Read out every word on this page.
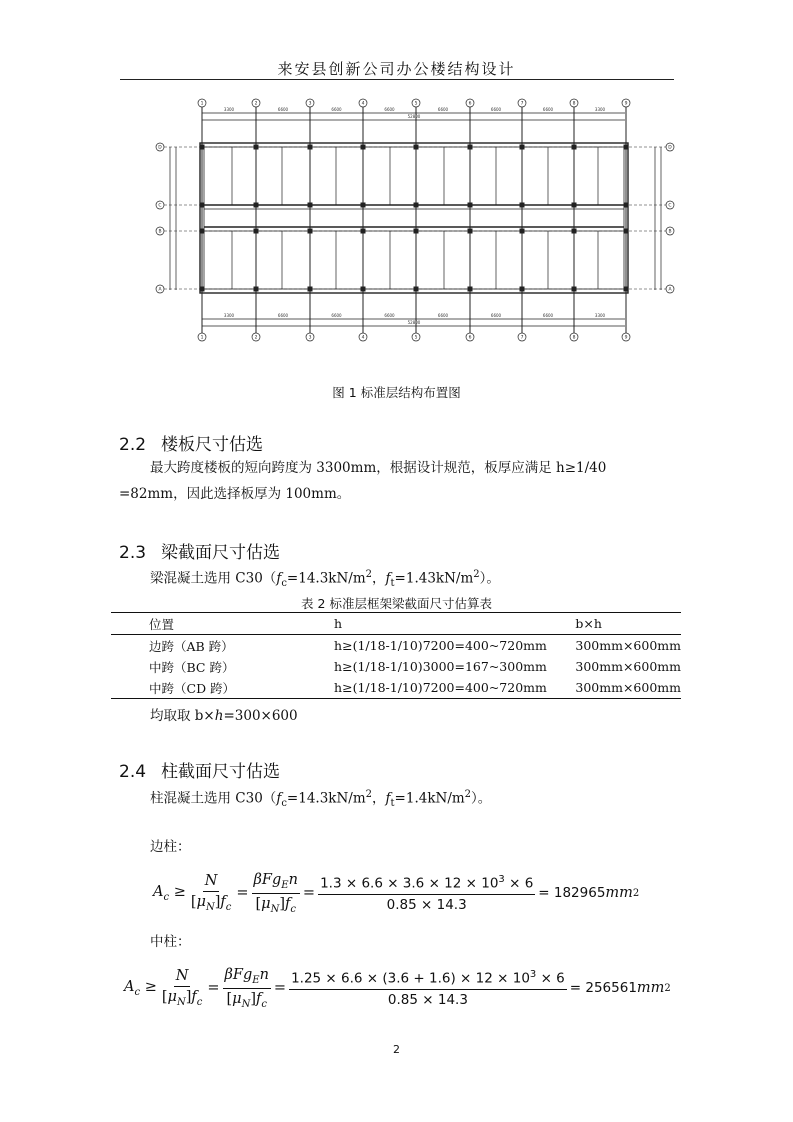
来安县创新公司办公楼结构设计
1
1
2
2
3
3
4
4
5
5
6
6
7
7
8
8
9
9
D	D
C	C
B	B
A	A
3300
3300
6600
6600
6600
6600
6600
6600
6600
6600
6600
6600
6600
6600
3300
3300
52800
52800
图 1 标准层结构布置图
2.2 楼板尺寸估选
最大跨度楼板的短向跨度为 3300mm，根据设计规范，板厚应满足 h≥1/40
=82mm，因此选择板厚为 100mm。
2.3 梁截面尺寸估选
梁混凝土选用 $C30(f_c=14.3kN/m^2$，$f_t=1.43kN/m^2$）。
表 2 标准层框架梁截面尺寸估算表
位置	h	b×h
边跨（AB 跨）	h≥(1/18-1/10)7200=400~720mm	300mm×600mm
中跨（BC 跨）	h≥(1/18-1/10)3000=167~300mm	300mm×600mm
中跨（CD 跨）	h≥(1/18-1/10)7200=400~720mm	300mm×600mm
均取取 b×h=300×600
2.4 柱截面尺寸估选
柱混凝土选用 $C30(f_c=14.3kN/m^2$，$f_t=1.4kN/m^2$）。
边柱：
$A_c \ge \frac{N}{[\mu_N]f_c} = \frac{\beta Fg_En}{[\mu_N]f_c} = \frac{1.3 \times 6.6 \times 3.6 \times 12 \times 10^3 \times 6}{0.85 \times 14.3} = 182965$ mm 2
中柱：
$A_c \ge \frac{N}{[\mu_N]f_c} = \frac{\beta Fg_En}{[\mu_N]f_c} = \frac{1.25 \times 6.6 \times (3.6 + 1.6) \times 12 \times 10^3 \times 6}{0.85 \times 14.3} = 256561$ mm 2
2
